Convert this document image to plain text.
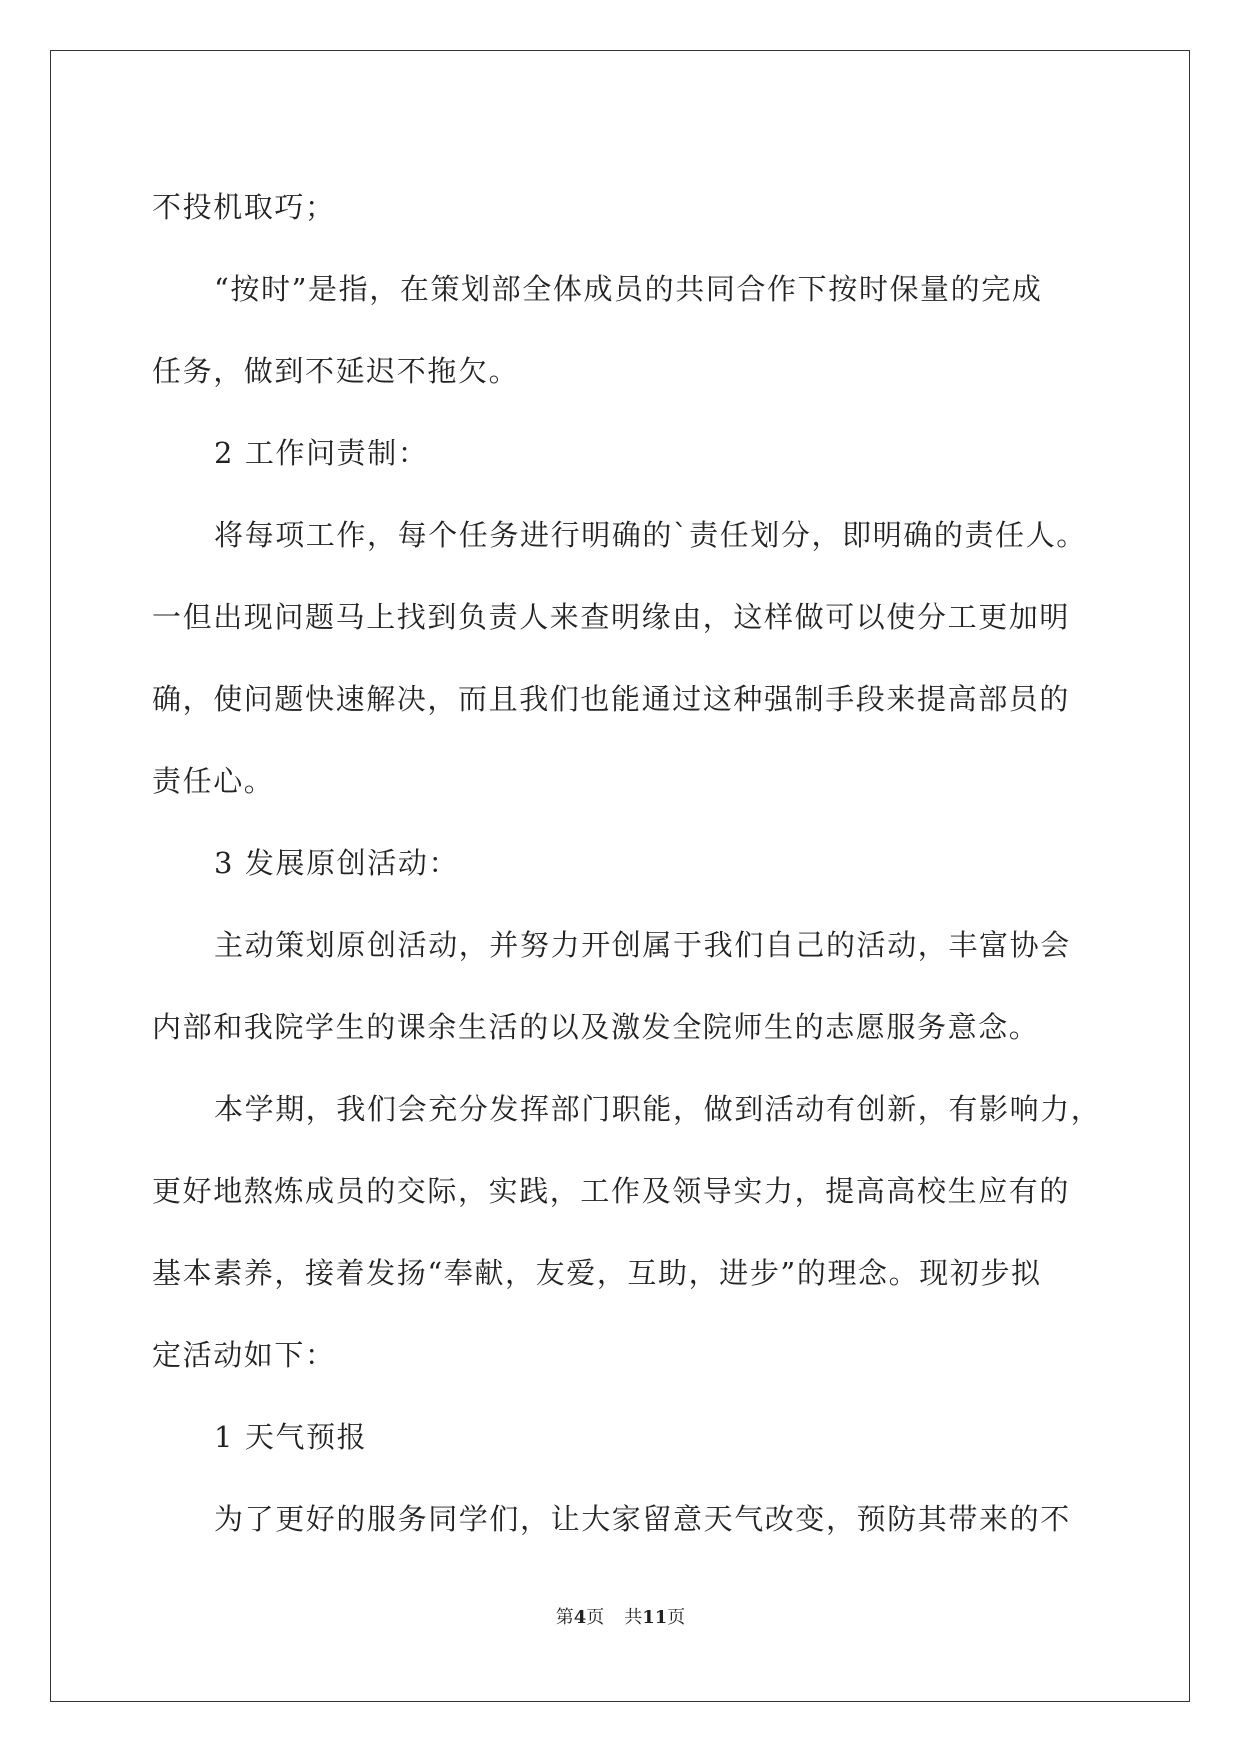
不投机取巧；
“按时”是指，在策划部全体成员的共同合作下按时保量的完成
任务，做到不延迟不拖欠。
2 工作问责制：
将每项工作，每个任务进行明确的`责任划分，即明确的责任人。
一但出现问题马上找到负责人来查明缘由，这样做可以使分工更加明
确，使问题快速解决，而且我们也能通过这种强制手段来提高部员的
责任心。
3 发展原创活动：
主动策划原创活动，并努力开创属于我们自己的活动，丰富协会
内部和我院学生的课余生活的以及激发全院师生的志愿服务意念。
本学期，我们会充分发挥部门职能，做到活动有创新，有影响力，
更好地熬炼成员的交际，实践，工作及领导实力，提高高校生应有的
基本素养，接着发扬“奉献，友爱，互助，进步”的理念。现初步拟
定活动如下：
1 天气预报
为了更好的服务同学们，让大家留意天气改变，预防其带来的不
第4页 共11页
